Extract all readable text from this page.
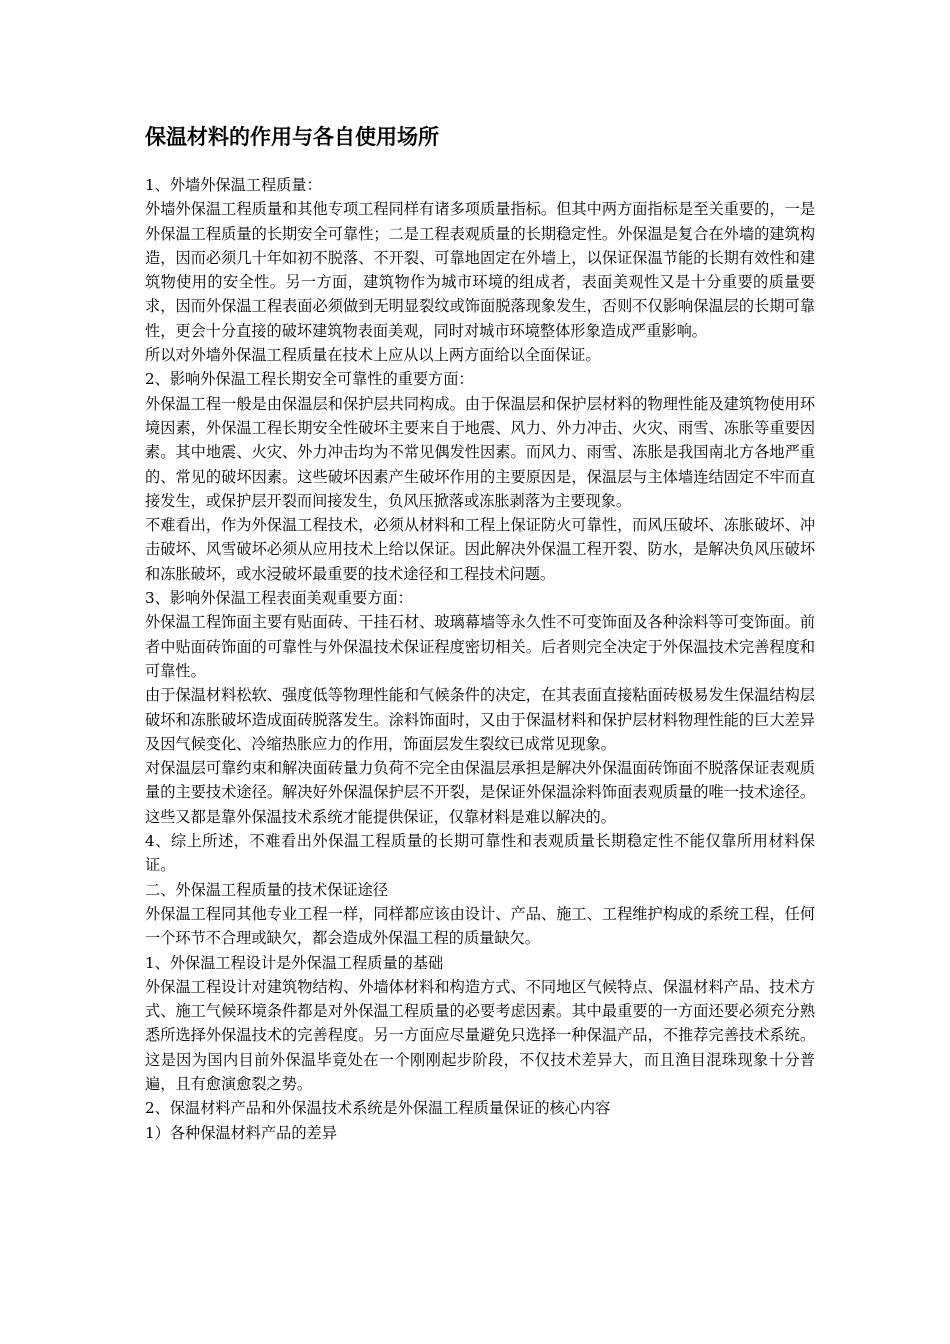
保温材料的作用与各自使用场所

1、外墙外保温工程质量：

外墙外保温工程质量和其他专项工程同样有诸多项质量指标。但其中两方面指标是至关重要的，一是外保温工程质量的长期安全可靠性；二是工程表观质量的长期稳定性。外保温是复合在外墙的建筑构造，因而必须几十年如初不脱落、不开裂、可靠地固定在外墙上，以保证保温节能的长期有效性和建筑物使用的安全性。另一方面，建筑物作为城市环境的组成者，表面美观性又是十分重要的质量要求，因而外保温工程表面必须做到无明显裂纹或饰面脱落现象发生，否则不仅影响保温层的长期可靠性，更会十分直接的破坏建筑物表面美观，同时对城市环境整体形象造成严重影响。

所以对外墙外保温工程质量在技术上应从以上两方面给以全面保证。

2、影响外保温工程长期安全可靠性的重要方面：

外保温工程一般是由保温层和保护层共同构成。由于保温层和保护层材料的物理性能及建筑物使用环境因素，外保温工程长期安全性破坏主要来自于地震、风力、外力冲击、火灾、雨雪、冻胀等重要因素。其中地震、火灾、外力冲击均为不常见偶发性因素。而风力、雨雪、冻胀是我国南北方各地严重的、常见的破坏因素。这些破坏因素产生破坏作用的主要原因是，保温层与主体墙连结固定不牢而直接发生，或保护层开裂而间接发生，负风压掀落或冻胀剥落为主要现象。

不难看出，作为外保温工程技术，必须从材料和工程上保证防火可靠性，而风压破坏、冻胀破坏、冲击破坏、风雪破坏必须从应用技术上给以保证。因此解决外保温工程开裂、防水，是解决负风压破坏和冻胀破坏，或水浸破坏最重要的技术途径和工程技术问题。

3、影响外保温工程表面美观重要方面：

外保温工程饰面主要有贴面砖、干挂石材、玻璃幕墙等永久性不可变饰面及各种涂料等可变饰面。前者中贴面砖饰面的可靠性与外保温技术保证程度密切相关。后者则完全决定于外保温技术完善程度和可靠性。

由于保温材料松软、强度低等物理性能和气候条件的决定，在其表面直接粘面砖极易发生保温结构层破坏和冻胀破坏造成面砖脱落发生。涂料饰面时，又由于保温材料和保护层材料物理性能的巨大差异及因气候变化、冷缩热胀应力的作用，饰面层发生裂纹已成常见现象。

对保温层可靠约束和解决面砖量力负荷不完全由保温层承担是解决外保温面砖饰面不脱落保证表观质量的主要技术途径。解决好外保温保护层不开裂，是保证外保温涂料饰面表观质量的唯一技术途径。这些又都是靠外保温技术系统才能提供保证，仅靠材料是难以解决的。

4、综上所述，不难看出外保温工程质量的长期可靠性和表观质量长期稳定性不能仅靠所用材料保证。

二、外保温工程质量的技术保证途径

外保温工程同其他专业工程一样，同样都应该由设计、产品、施工、工程维护构成的系统工程，任何一个环节不合理或缺欠，都会造成外保温工程的质量缺欠。

1、外保温工程设计是外保温工程质量的基础

外保温工程设计对建筑物结构、外墙体材料和构造方式、不同地区气候特点、保温材料产品、技术方式、施工气候环境条件都是对外保温工程质量的必要考虑因素。其中最重要的一方面还要必须充分熟悉所选择外保温技术的完善程度。另一方面应尽量避免只选择一种保温产品，不推荐完善技术系统。这是因为国内目前外保温毕竟处在一个刚刚起步阶段，不仅技术差异大，而且渔目混珠现象十分普遍，且有愈演愈裂之势。

2、保温材料产品和外保温技术系统是外保温工程质量保证的核心内容

1）各种保温材料产品的差异
